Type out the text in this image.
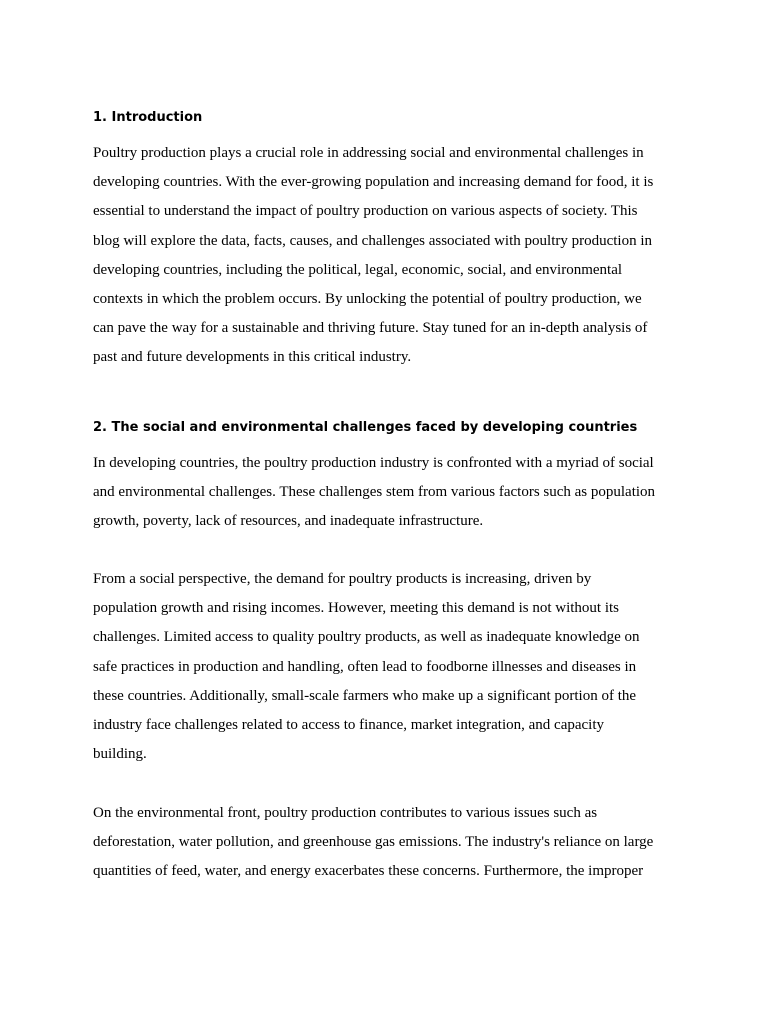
1. Introduction

Poultry production plays a crucial role in addressing social and environmental challenges in
developing countries. With the ever-growing population and increasing demand for food, it is
essential to understand the impact of poultry production on various aspects of society. This
blog will explore the data, facts, causes, and challenges associated with poultry production in
developing countries, including the political, legal, economic, social, and environmental
contexts in which the problem occurs. By unlocking the potential of poultry production, we
can pave the way for a sustainable and thriving future. Stay tuned for an in-depth analysis of
past and future developments in this critical industry.

2. The social and environmental challenges faced by developing countries

In developing countries, the poultry production industry is confronted with a myriad of social
and environmental challenges. These challenges stem from various factors such as population
growth, poverty, lack of resources, and inadequate infrastructure.

From a social perspective, the demand for poultry products is increasing, driven by
population growth and rising incomes. However, meeting this demand is not without its
challenges. Limited access to quality poultry products, as well as inadequate knowledge on
safe practices in production and handling, often lead to foodborne illnesses and diseases in
these countries. Additionally, small-scale farmers who make up a significant portion of the
industry face challenges related to access to finance, market integration, and capacity
building.

On the environmental front, poultry production contributes to various issues such as
deforestation, water pollution, and greenhouse gas emissions. The industry's reliance on large
quantities of feed, water, and energy exacerbates these concerns. Furthermore, the improper
